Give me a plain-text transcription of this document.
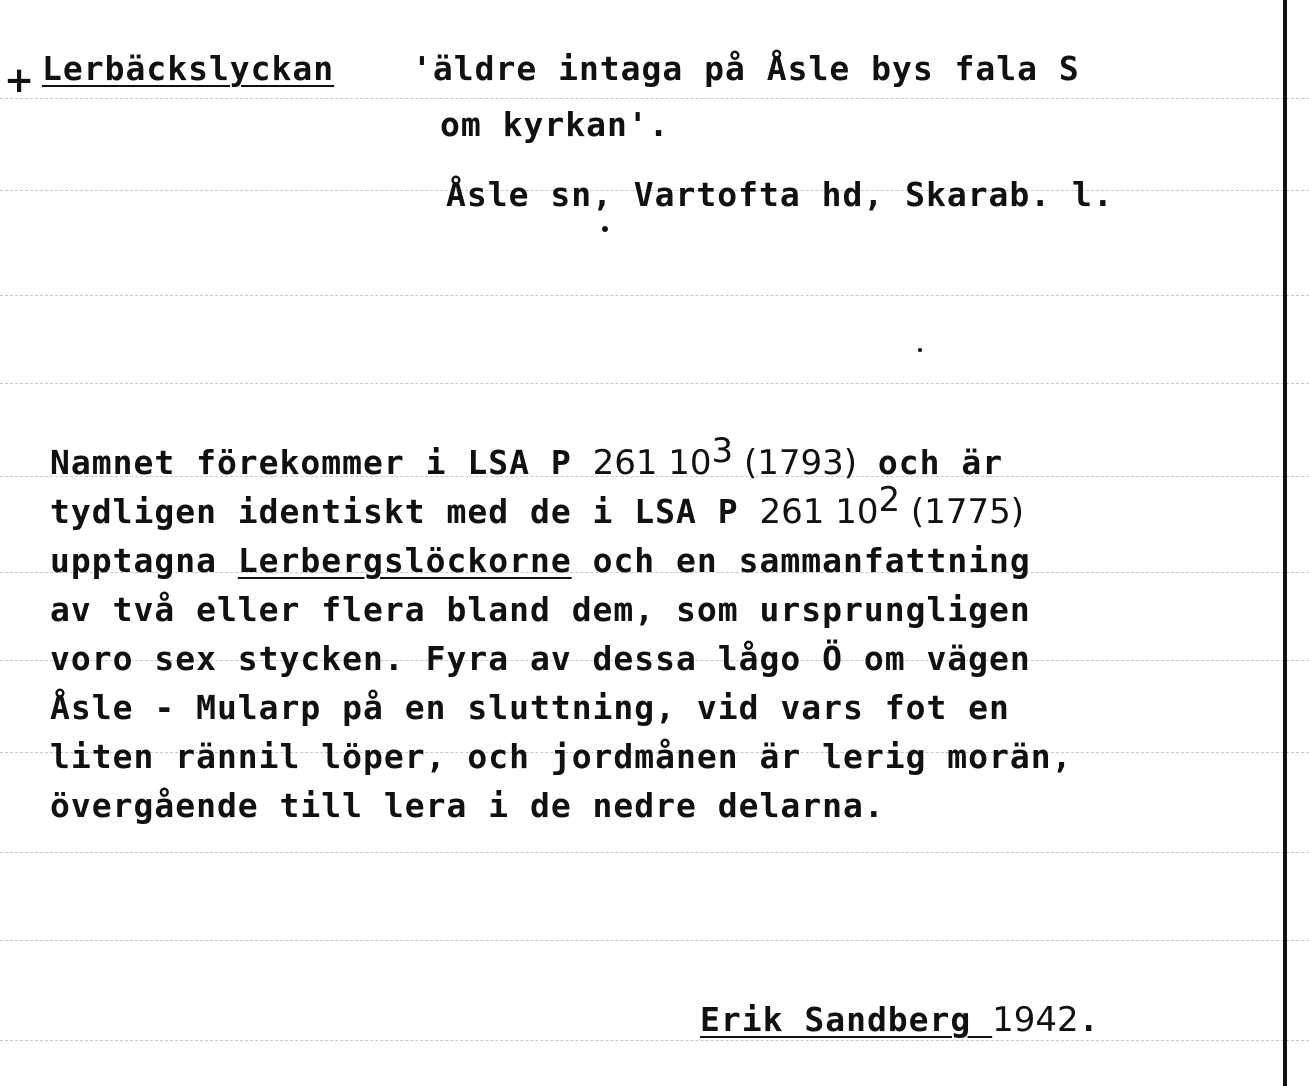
+ Lerbäckslyckan 'äldre intaga på Åsle bys fala S
om kyrkan'.
Åsle sn, Vartofta hd, Skarab. l.
Namnet förekommer i LSA P 261 $10^3$ (1793) och är
tydligen identiskt med de i LSA P 261 $10^2$ (1775)
upptagna Lerbergslöckorne och en sammanfattning
av två eller flera bland dem, som ursprungligen
voro sex stycken. Fyra av dessa lågo Ö om vägen
Åsle - Mularp på en sluttning, vid vars fot en
liten rännil löper, och jordmånen är lerig morän,
övergående till lera i de nedre delarna.
Erik Sandberg 1942.
